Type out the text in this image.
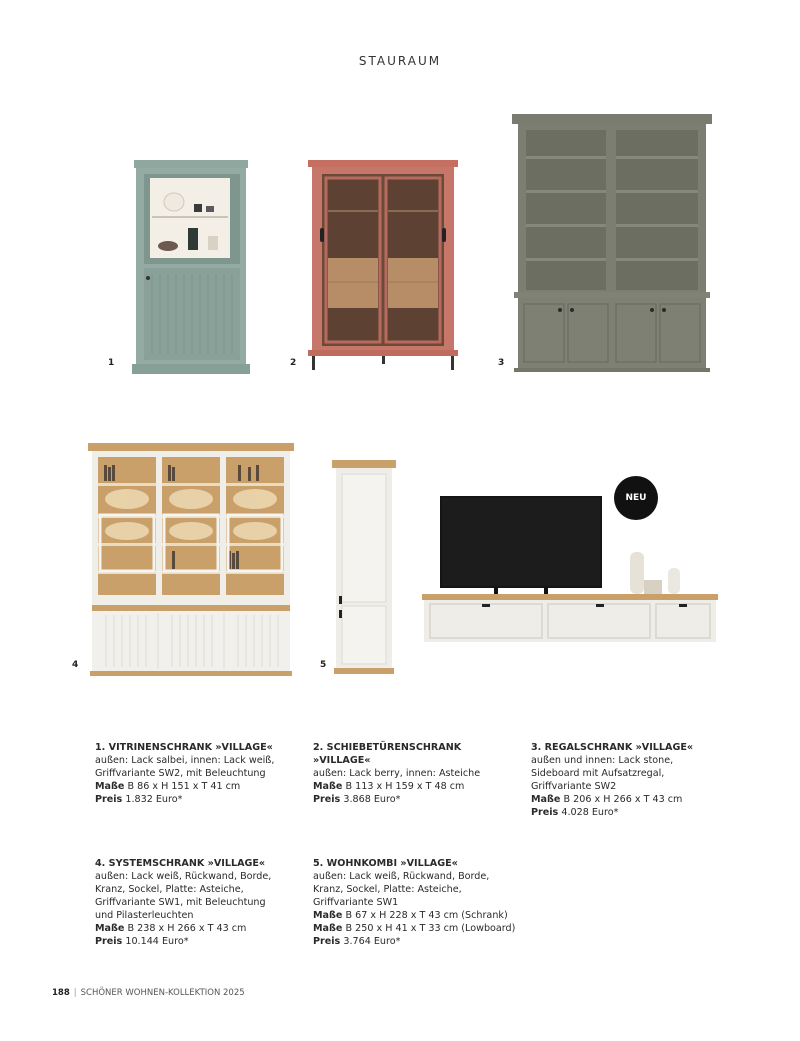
STAURAUM
1	2	3
4	5
NEU
1. VITRINENSCHRANK »VILLAGE«
außen: Lack salbei, innen: Lack weiß,
Griffvariante SW2, mit Beleuchtung
Maße B 86 x H 151 x T 41 cm
Preis 1.832 Euro*
2. SCHIEBETÜRENSCHRANK
»VILLAGE«
außen: Lack berry, innen: Asteiche
Maße B 113 x H 159 x T 48 cm
Preis 3.868 Euro*
3. REGALSCHRANK »VILLAGE«
außen und innen: Lack stone,
Sideboard mit Aufsatzregal,
Griffvariante SW2
Maße B 206 x H 266 x T 43 cm
Preis 4.028 Euro*
4. SYSTEMSCHRANK »VILLAGE«
außen: Lack weiß, Rückwand, Borde,
Kranz, Sockel, Platte: Asteiche,
Griffvariante SW1, mit Beleuchtung
und Pilasterleuchten
Maße B 238 x H 266 x T 43 cm
Preis 10.144 Euro*
5. WOHNKOMBI »VILLAGE«
außen: Lack weiß, Rückwand, Borde,
Kranz, Sockel, Platte: Asteiche,
Griffvariante SW1
Maße B 67 x H 228 x T 43 cm (Schrank)
Maße B 250 x H 41 x T 33 cm (Lowboard)
Preis 3.764 Euro*
188 | SCHÖNER WOHNEN-KOLLEKTION 2025
